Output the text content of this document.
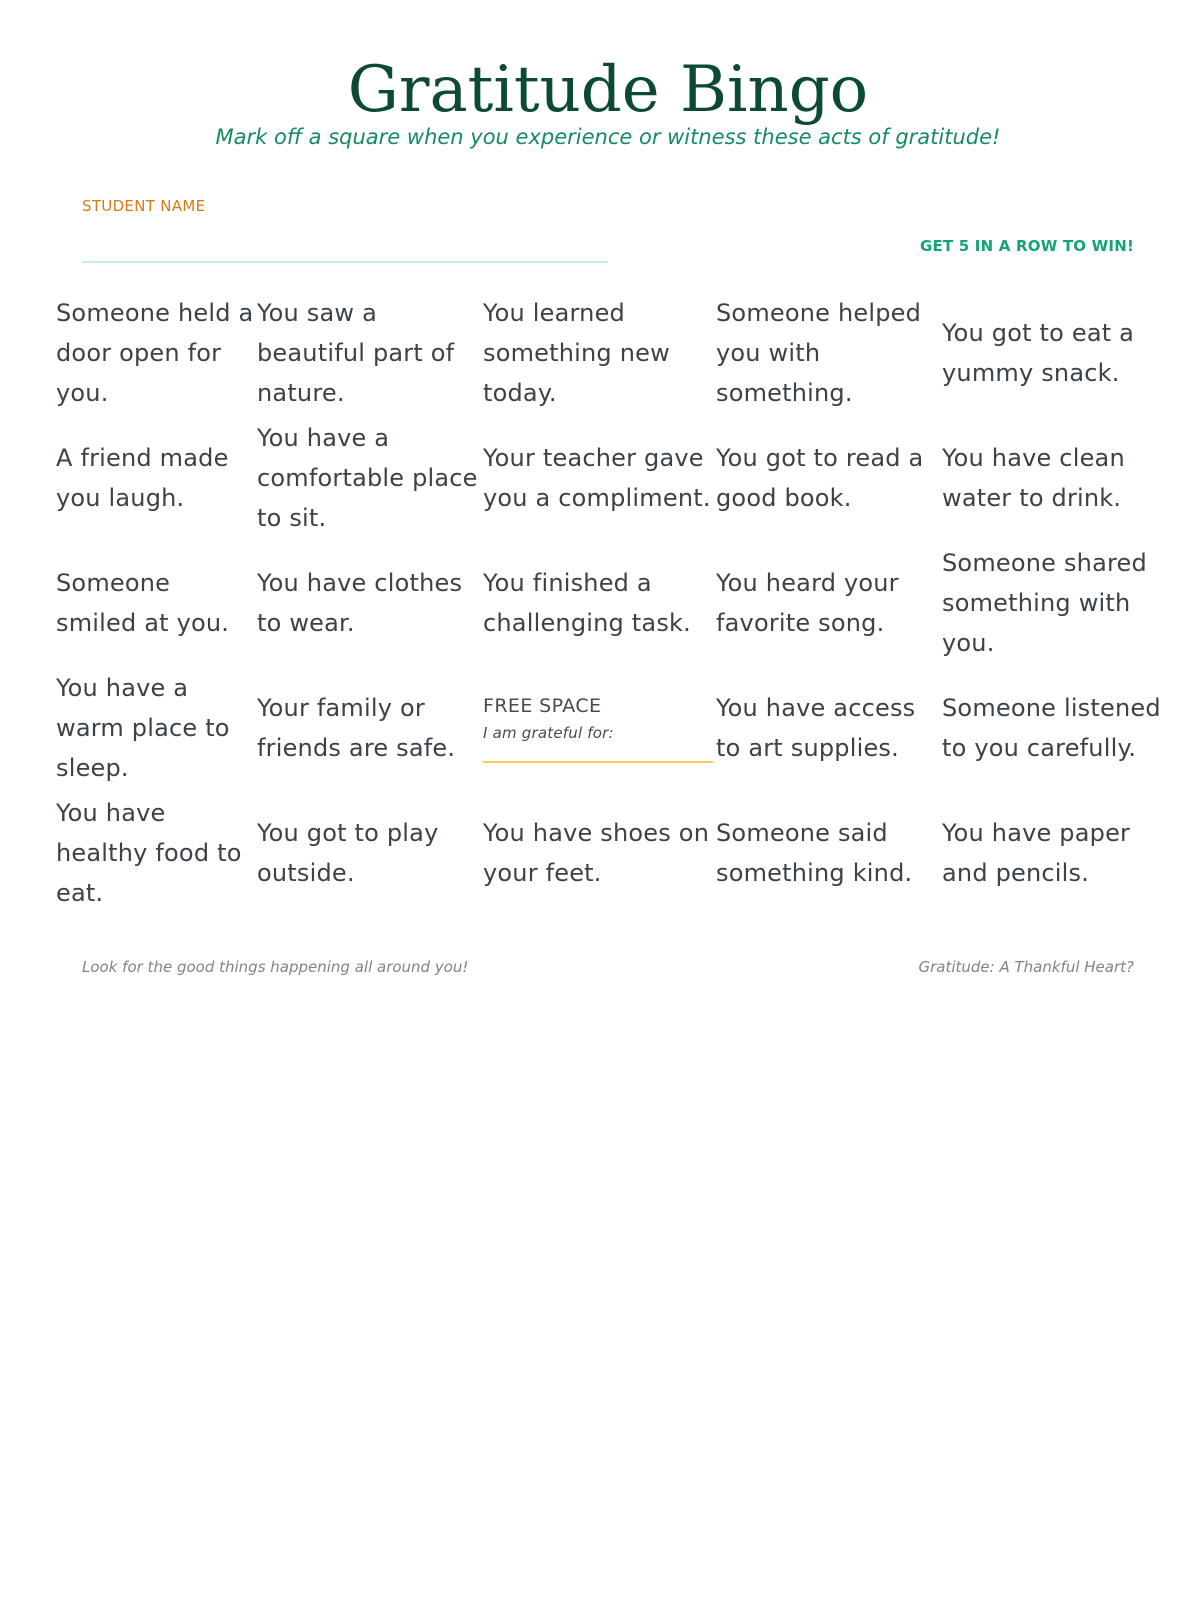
Gratitude Bingo
Mark off a square when you experience or witness these acts of gratitude!
STUDENT NAME
GET 5 IN A ROW TO WIN!
Someone held a door open for you.
You saw a beautiful part of nature.
You learned something new today.
Someone helped you with something.
You got to eat a yummy snack.
A friend made you laugh.
You have a comfortable place to sit.
Your teacher gave you a compliment.
You got to read a good book.
You have clean water to drink.
Someone smiled at you.
You have clothes to wear.
You finished a challenging task.
You heard your favorite song.
Someone shared something with you.
You have a warm place to sleep.
Your family or friends are safe.
FREE SPACE
I am grateful for:
You have access to art supplies.
Someone listened to you carefully.
You have healthy food to eat.
You got to play outside.
You have shoes on your feet.
Someone said something kind.
You have paper and pencils.
Look for the good things happening all around you!	Gratitude: A Thankful Heart?
